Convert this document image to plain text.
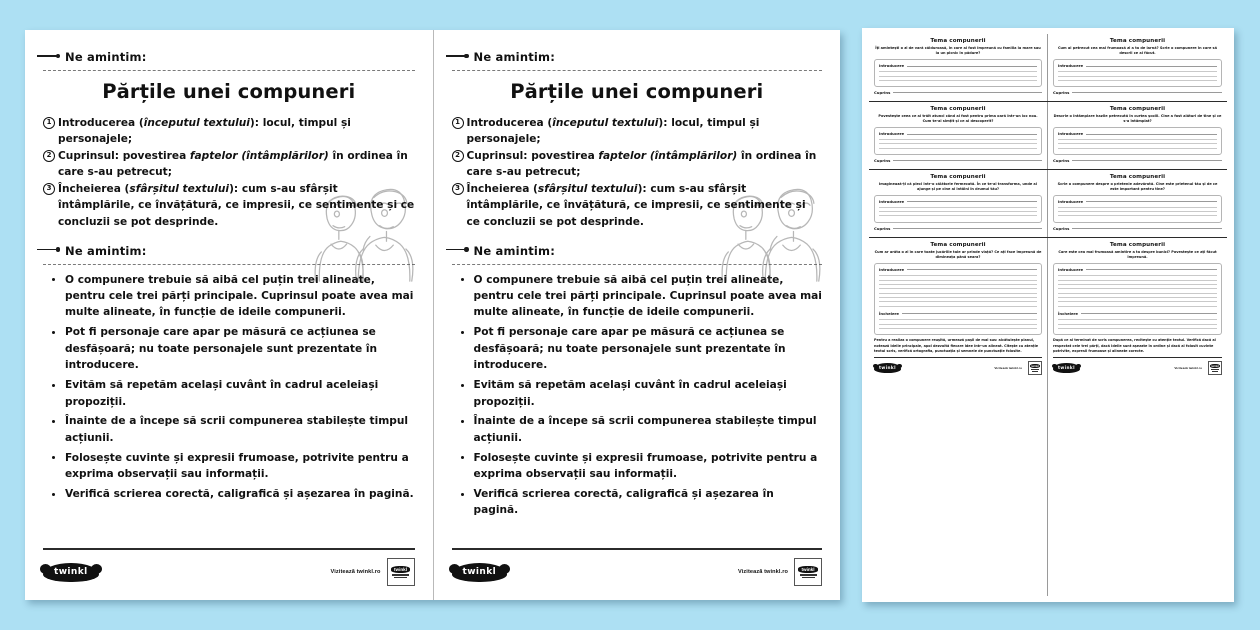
Ne amintim:
Părțile unei compuneri
1 Introducerea (începutul textului): locul, timpul și personajele;
2 Cuprinsul: povestirea faptelor (întâmplărilor) în ordinea în care s-au petrecut;
3 Încheierea (sfârșitul textului): cum s-au sfârșit întâmplările, ce învățătură, ce impresii, ce sentimente și ce concluzii se pot desprinde.
Ne amintim:
O compunere trebuie să aibă cel puțin trei alineate, pentru cele trei părți principale. Cuprinsul poate avea mai multe alineate, în funcție de ideile compunerii.
Pot fi personaje care apar pe măsură ce acțiunea se desfășoară; nu toate personajele sunt prezentate în introducere.
Evităm să repetăm același cuvânt în cadrul aceleiași propoziții.
Înainte de a începe să scrii compunerea stabilește timpul acțiunii.
Folosește cuvinte și expresii frumoase, potrivite pentru a exprima observații sau informații.
Verifică scrierea corectă, caligrafică și așezarea în pagină.
twinkl	Vizitează twinkl.ro	twinkl
Ne amintim:
Părțile unei compuneri
1 Introducerea (începutul textului): locul, timpul și personajele;
2 Cuprinsul: povestirea faptelor (întâmplărilor) în ordinea în care s-au petrecut;
3 Încheierea (sfârșitul textului): cum s-au sfârșit întâmplările, ce învățătură, ce impresii, ce sentimente și ce concluzii se pot desprinde.
Ne amintim:
O compunere trebuie să aibă cel puțin trei alineate, pentru cele trei părți principale. Cuprinsul poate avea mai multe alineate, în funcție de ideile compunerii.
Pot fi personaje care apar pe măsură ce acțiunea se desfășoară; nu toate personajele sunt prezentate în introducere.
Evităm să repetăm același cuvânt în cadrul aceleiași propoziții.
Înainte de a începe să scrii compunerea stabilește timpul acțiunii.
Folosește cuvinte și expresii frumoase, potrivite pentru a exprima observații sau informații.
Verifică scrierea corectă, caligrafică și așezarea în pagină.
twinkl	Vizitează twinkl.ro	twinkl
Tema compunerii
Îți amintești o zi de vară călduroasă, în care ai fost împreună cu familia la mare sau la un picnic în pădure?
Introducere
Cuprins
Tema compunerii
Cum ai petrecut cea mai frumoasă zi a ta de iarnă? Scrie o compunere în care să descrii ce ai făcut.
Introducere
Cuprins
Tema compunerii
Povestește ceea ce ai trăit atunci când ai fost pentru prima oară într-un loc nou. Cum te-ai simțit și ce ai descoperit?
Introducere
Cuprins
Tema compunerii
Descrie o întâmplare hazlie petrecută în curtea școlii. Cine a fost alături de tine și ce s-a întâmplat?
Introducere
Cuprins
Tema compunerii
Imaginează-ți că pleci într-o călătorie fermecată. În ce te-ai transforma, unde ai ajunge și pe cine ai întâlni în drumul tău?
Introducere
Cuprins
Tema compunerii
Scrie o compunere despre o prietenie adevărată. Cine este prietenul tău și de ce este important pentru tine?
Introducere
Cuprins
Tema compunerii
Cum ar arăta o zi în care toate jucăriile tale ar prinde viață? Ce ați face împreună de dimineața până seara?
Introducere
Încheiere
Pentru a realiza o compunere reușită, urmează pașii de mai sus: alcătuiește planul, notează ideile principale, apoi dezvoltă fiecare idee într-un alineat. Citește cu atenție textul scris, verifică ortografia, punctuația și semnele de punctuație folosite.
twinkl	Vizitează twinkl.ro	twinkl
Tema compunerii
Care este cea mai frumoasă amintire a ta despre bunici? Povestește ce ați făcut împreună.
Introducere
Încheiere
După ce ai terminat de scris compunerea, recitește cu atenție textul. Verifică dacă ai respectat cele trei părți, dacă ideile sunt așezate în ordine și dacă ai folosit cuvinte potrivite, expresii frumoase și alineate corecte.
twinkl	Vizitează twinkl.ro	twinkl
